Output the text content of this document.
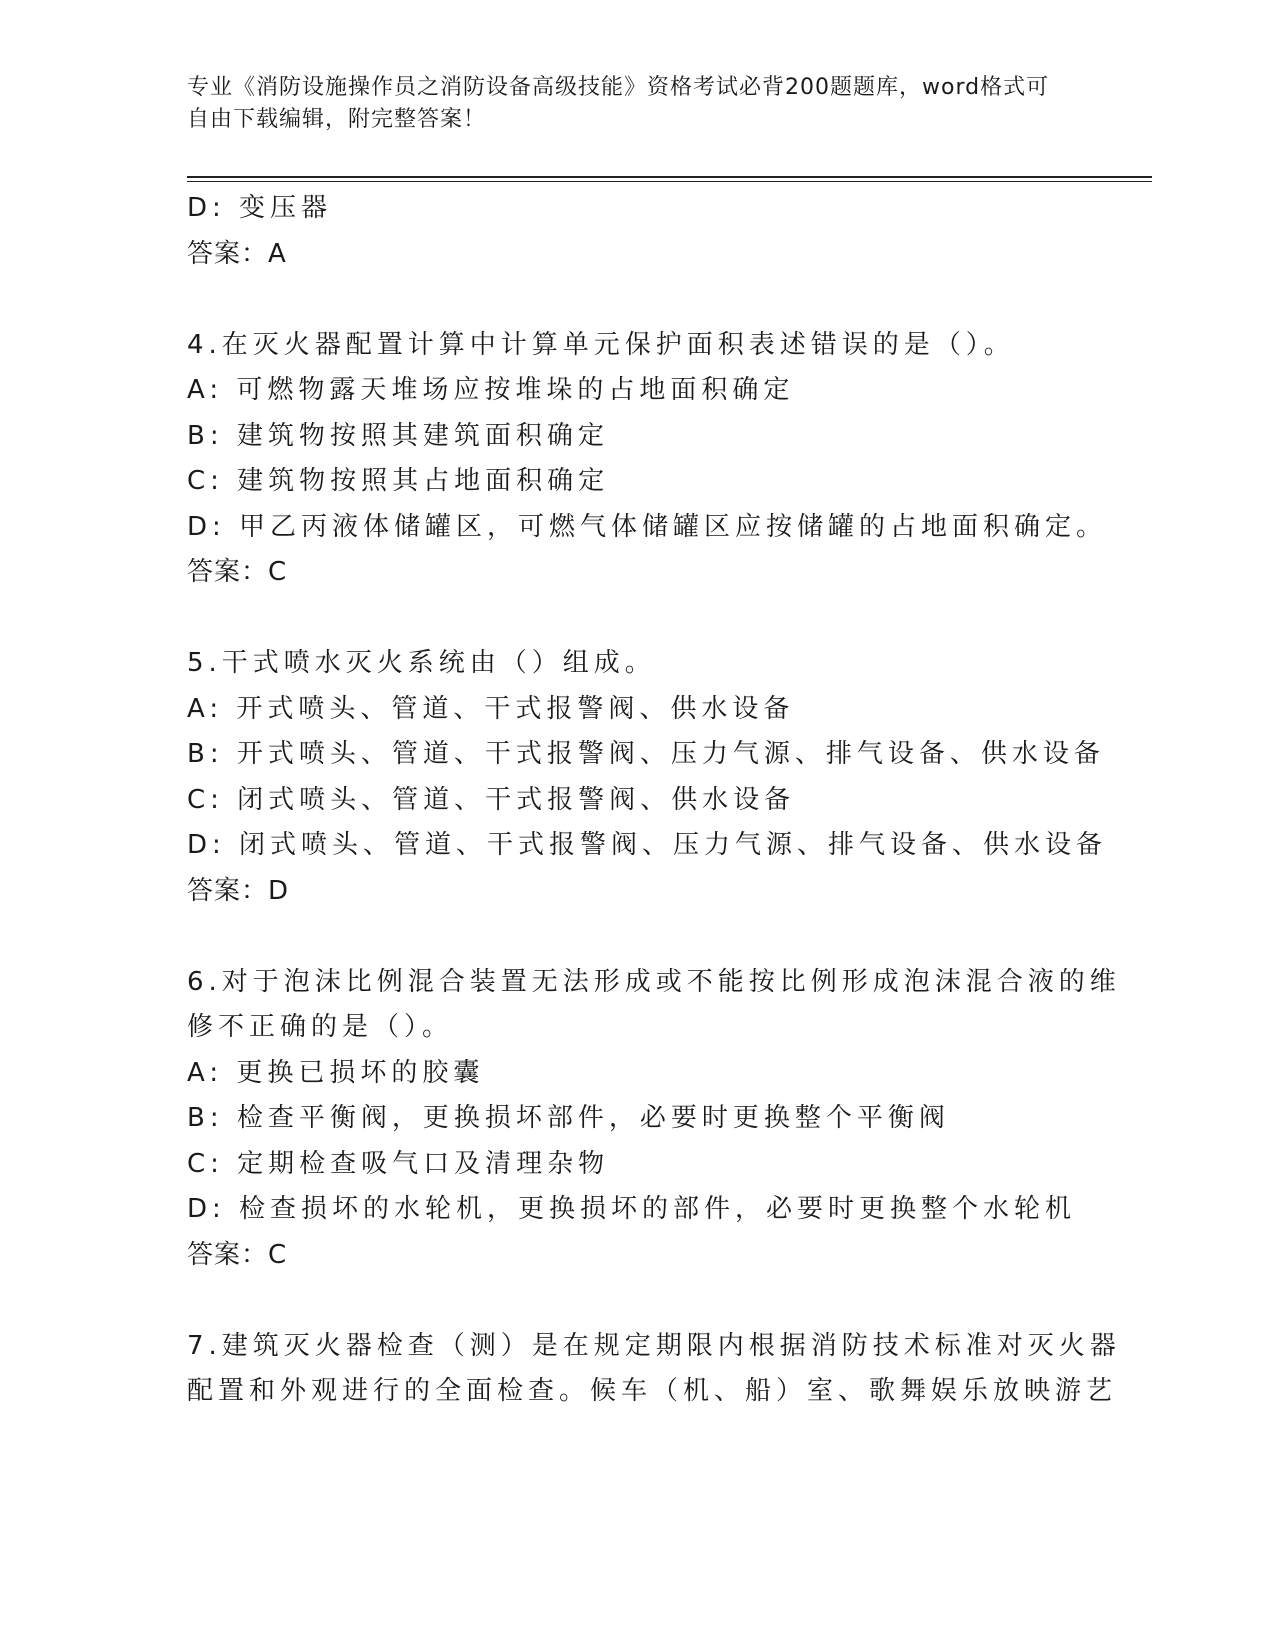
专业《消防设施操作员之消防设备高级技能》资格考试必背200题题库，word格式可自由下载编辑，附完整答案！
D: 变压器
答案：A
4.在灭火器配置计算中计算单元保护面积表述错误的是（）。
A: 可燃物露天堆场应按堆垛的占地面积确定
B: 建筑物按照其建筑面积确定
C: 建筑物按照其占地面积确定
D: 甲乙丙液体储罐区，可燃气体储罐区应按储罐的占地面积确定。
答案：C
5.干式喷水灭火系统由（）组成。
A: 开式喷头、管道、干式报警阀、供水设备
B: 开式喷头、管道、干式报警阀、压力气源、排气设备、供水设备
C: 闭式喷头、管道、干式报警阀、供水设备
D: 闭式喷头、管道、干式报警阀、压力气源、排气设备、供水设备
答案：D
6.对于泡沫比例混合装置无法形成或不能按比例形成泡沫混合液的维
修不正确的是（）。
A: 更换已损坏的胶囊
B: 检查平衡阀，更换损坏部件，必要时更换整个平衡阀
C: 定期检查吸气口及清理杂物
D: 检查损坏的水轮机，更换损坏的部件，必要时更换整个水轮机
答案：C
7.建筑灭火器检查（测）是在规定期限内根据消防技术标准对灭火器
配置和外观进行的全面检查。候车（机、船）室、歌舞娱乐放映游艺
